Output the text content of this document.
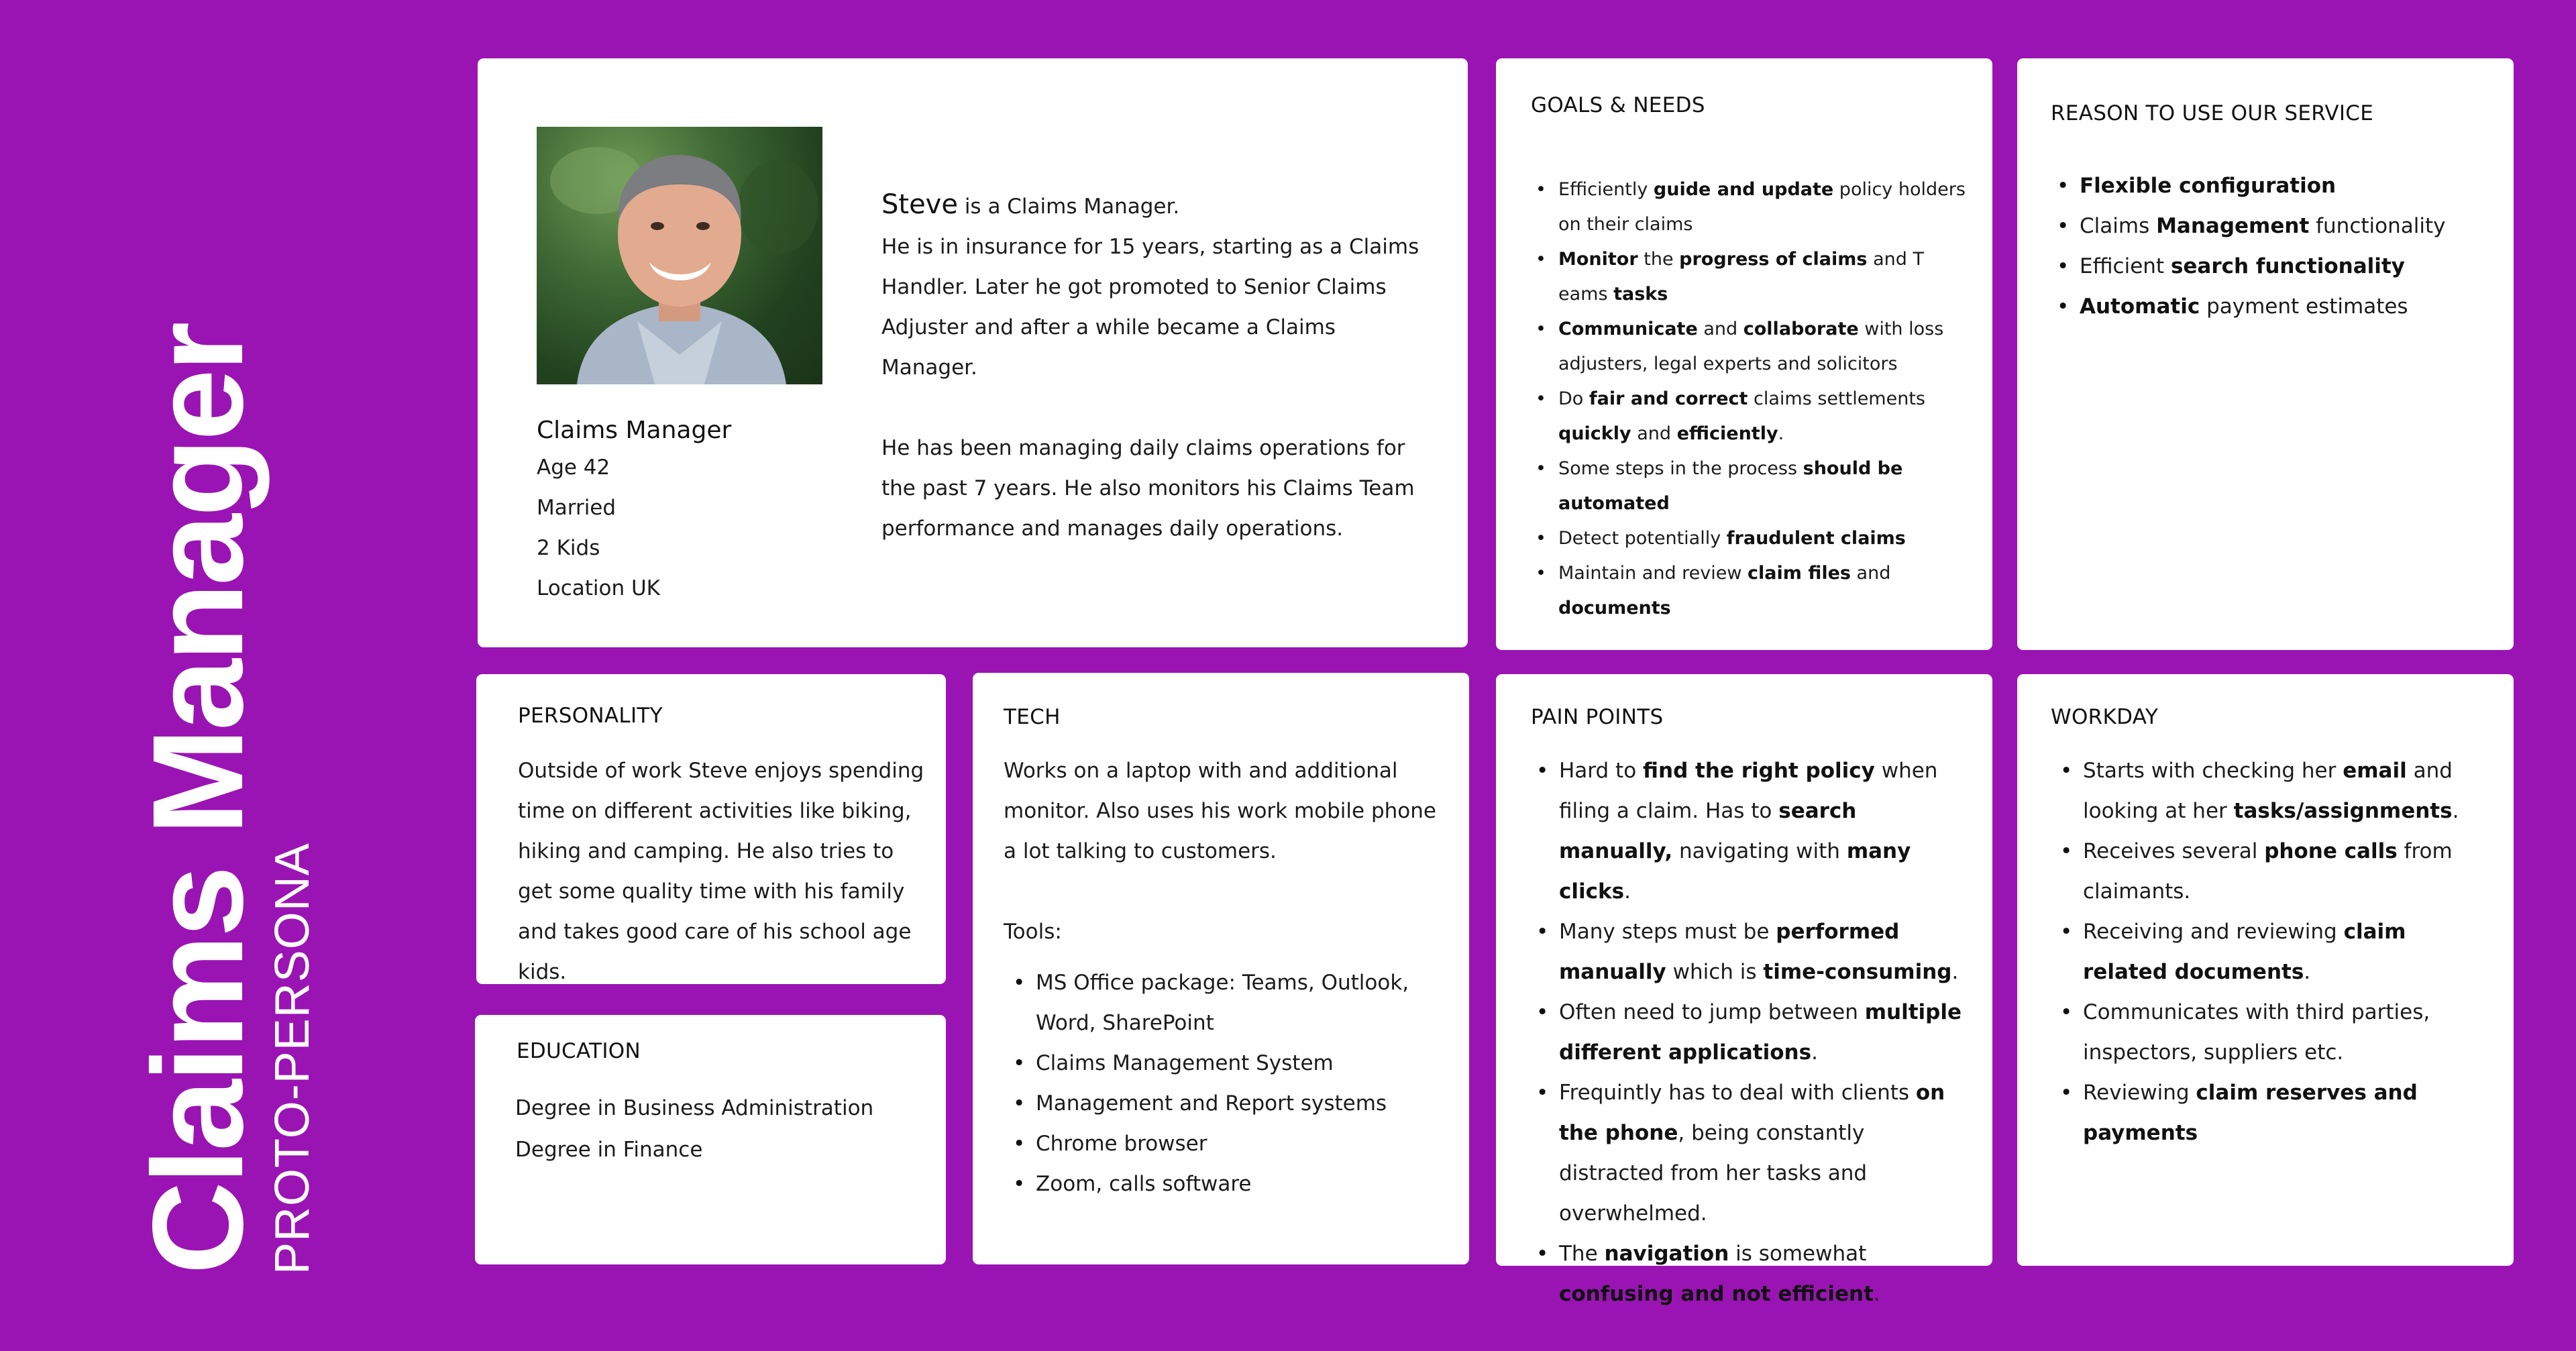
Claims Manager
PROTO-PERSONA
Steve is a Claims Manager.
He is in insurance for 15 years, starting as a Claims Handler. Later he got promoted to Senior Claims Adjuster and after a while became a Claims Manager.
He has been managing daily claims operations for the past 7 years. He also monitors his Claims Team performance and manages daily operations.
Claims Manager
Age 42
Married
2 Kids
Location UK
GOALS & NEEDS
• Efficiently guide and update policy holders on their claims
• Monitor the progress of claims and T eams tasks
• Communicate and collaborate with loss adjusters, legal experts and solicitors
• Do fair and correct claims settlements quickly and efficiently.
• Some steps in the process should be automated
• Detect potentially fraudulent claims
• Maintain and review claim files and documents
REASON TO USE OUR SERVICE
• Flexible configuration
• Claims Management functionality
• Efficient search functionality
• Automatic payment estimates
PERSONALITY
Outside of work Steve enjoys spending time on different activities like biking, hiking and camping. He also tries to get some quality time with his family and takes good care of his school age kids.
EDUCATION
Degree in Business Administration
Degree in Finance
TECH
Works on a laptop with and additional monitor. Also uses his work mobile phone a lot talking to customers.
Tools:
• MS Office package: Teams, Outlook, Word, SharePoint
• Claims Management System
• Management and Report systems
• Chrome browser
• Zoom, calls software
PAIN POINTS
• Hard to find the right policy when filing a claim. Has to search manually, navigating with many clicks.
• Many steps must be performed manually which is time-consuming.
• Often need to jump between multiple different applications.
• Frequintly has to deal with clients on the phone, being constantly distracted from her tasks and overwhelmed.
• The navigation is somewhat confusing and not efficient.
WORKDAY
• Starts with checking her email and looking at her tasks/assignments.
• Receives several phone calls from claimants.
• Receiving and reviewing claim related documents.
• Communicates with third parties, inspectors, suppliers etc.
• Reviewing claim reserves and payments
